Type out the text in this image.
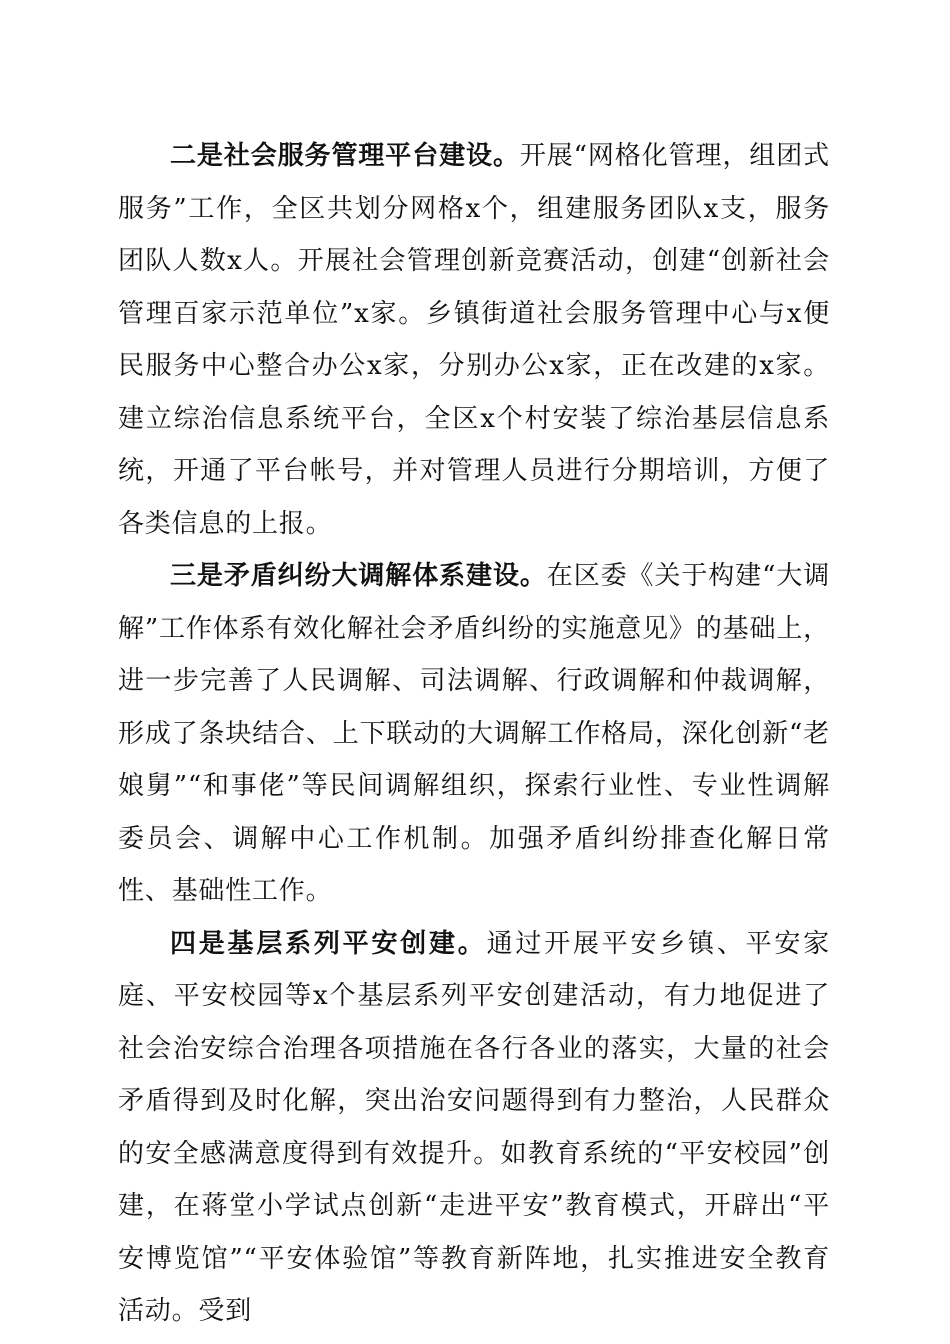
二是社会服务管理平台建设。开展“网格化管理，组团式服务”工作，全区共划分网格x个，组建服务团队x支，服务团队人数x人。开展社会管理创新竞赛活动，创建“创新社会管理百家示范单位”x家。乡镇街道社会服务管理中心与x便民服务中心整合办公x家，分别办公x家，正在改建的x家。建立综治信息系统平台，全区x个村安装了综治基层信息系统，开通了平台帐号，并对管理人员进行分期培训，方便了各类信息的上报。

三是矛盾纠纷大调解体系建设。在区委《关于构建“大调解”工作体系有效化解社会矛盾纠纷的实施意见》的基础上，进一步完善了人民调解、司法调解、行政调解和仲裁调解，形成了条块结合、上下联动的大调解工作格局，深化创新“老娘舅”“和事佬”等民间调解组织，探索行业性、专业性调解委员会、调解中心工作机制。加强矛盾纠纷排查化解日常性、基础性工作。

四是基层系列平安创建。通过开展平安乡镇、平安家庭、平安校园等x个基层系列平安创建活动，有力地促进了社会治安综合治理各项措施在各行各业的落实，大量的社会矛盾得到及时化解，突出治安问题得到有力整治，人民群众的安全感满意度得到有效提升。如教育系统的“平安校园”创建，在蒋堂小学试点创新“走进平安”教育模式，开辟出“平安博览馆”“平安体验馆”等教育新阵地，扎实推进安全教育活动。受到
